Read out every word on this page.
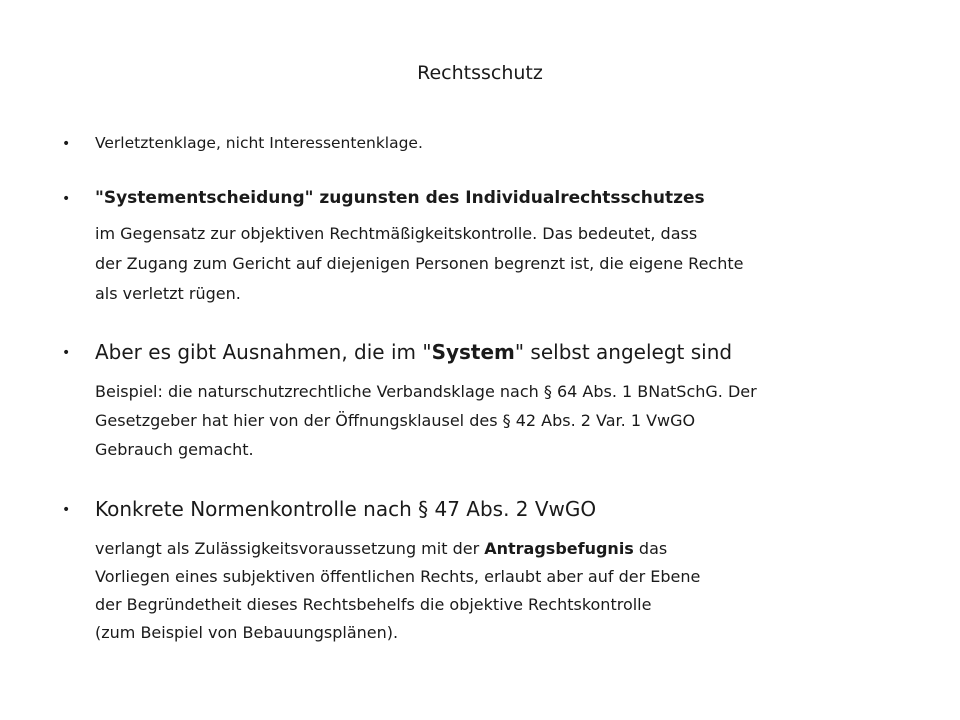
Rechtsschutz
•	Verletztenklage, nicht Interessentenklage.
•	"Systementscheidung" zugunsten des Individualrechtsschutzes
im Gegensatz zur objektiven Rechtmäßigkeitskontrolle. Das bedeutet, dass
der Zugang zum Gericht auf diejenigen Personen begrenzt ist, die eigene Rechte
als verletzt rügen.
•	Aber es gibt Ausnahmen, die im "System" selbst angelegt sind
Beispiel: die naturschutzrechtliche Verbandsklage nach § 64 Abs. 1 BNatSchG. Der
Gesetzgeber hat hier von der Öffnungsklausel des § 42 Abs. 2 Var. 1 VwGO
Gebrauch gemacht.
•	Konkrete Normenkontrolle nach § 47 Abs. 2 VwGO
verlangt als Zulässigkeitsvoraussetzung mit der Antragsbefugnis das
Vorliegen eines subjektiven öffentlichen Rechts, erlaubt aber auf der Ebene
der Begründetheit dieses Rechtsbehelfs die objektive Rechtskontrolle
(zum Beispiel von Bebauungsplänen).
